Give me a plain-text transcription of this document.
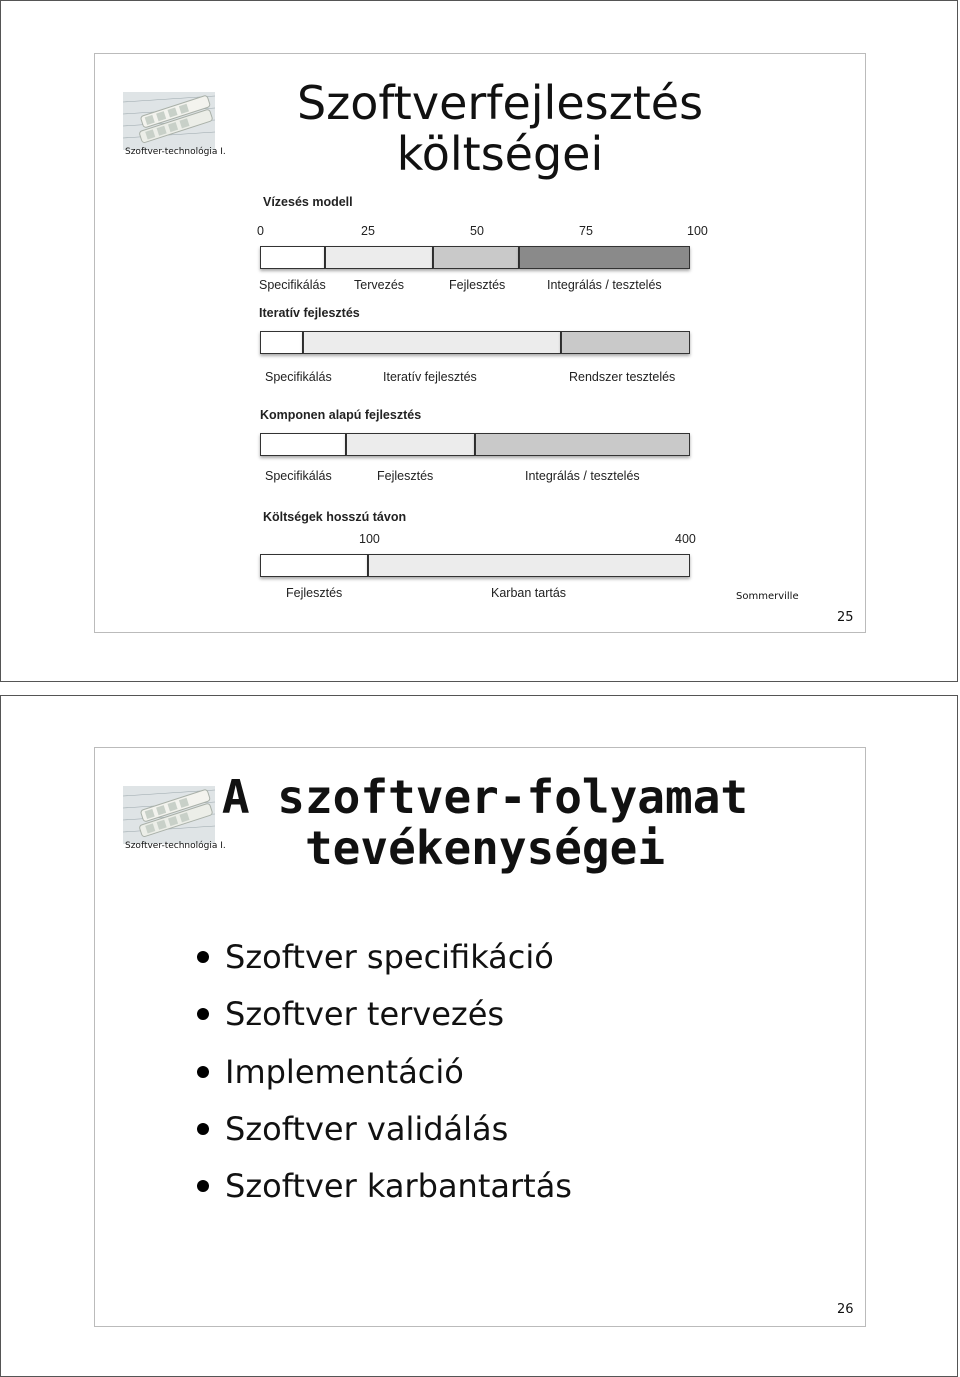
Szoftver-technológia I.
Szoftverfejlesztés
költségei
Vízesés modell
0	25	50	75	100
Specifikálás Tervezés	Fejlesztés	Integrálás / tesztelés
Iteratív fejlesztés
Specifikálás	Iteratív fejlesztés	Rendszer tesztelés
Komponen alapú fejlesztés
Specifikálás	Fejlesztés	Integrálás / tesztelés
Költségek hosszú távon
100	400
Fejlesztés	Karban tartás	Sommerville
25
Szoftver-technológia I.
A szoftver-folyamat
tevékenységei
Szoftver specifikáció
Szoftver tervezés
Implementáció
Szoftver validálás
Szoftver karbantartás
26
